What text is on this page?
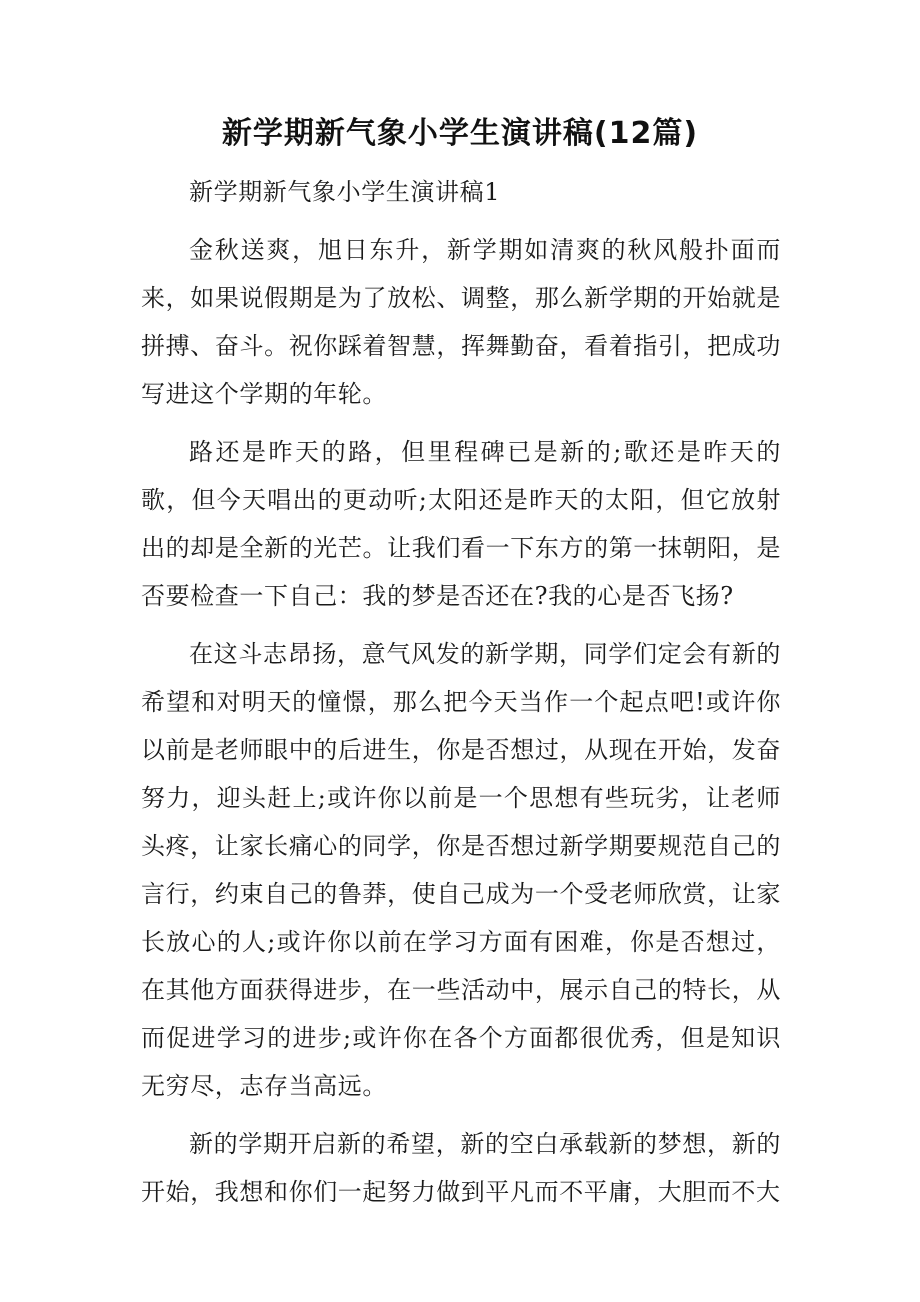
新学期新气象小学生演讲稿(12篇)

新学期新气象小学生演讲稿1

金秋送爽，旭日东升，新学期如清爽的秋风般扑面而来，如果说假期是为了放松、调整，那么新学期的开始就是拼搏、奋斗。祝你踩着智慧，挥舞勤奋，看着指引，把成功写进这个学期的年轮。

路还是昨天的路，但里程碑已是新的;歌还是昨天的歌，但今天唱出的更动听;太阳还是昨天的太阳，但它放射出的却是全新的光芒。让我们看一下东方的第一抹朝阳，是否要检查一下自己：我的梦是否还在?我的心是否飞扬?

在这斗志昂扬，意气风发的新学期，同学们定会有新的希望和对明天的憧憬，那么把今天当作一个起点吧!或许你以前是老师眼中的后进生，你是否想过，从现在开始，发奋努力，迎头赶上;或许你以前是一个思想有些玩劣，让老师头疼，让家长痛心的同学，你是否想过新学期要规范自己的言行，约束自己的鲁莽，使自己成为一个受老师欣赏，让家长放心的人;或许你以前在学习方面有困难，你是否想过，在其他方面获得进步，在一些活动中，展示自己的特长，从而促进学习的进步;或许你在各个方面都很优秀，但是知识无穷尽，志存当高远。

新的学期开启新的希望，新的空白承载新的梦想，新的开始，我想和你们一起努力做到平凡而不平庸，大胆而不大
